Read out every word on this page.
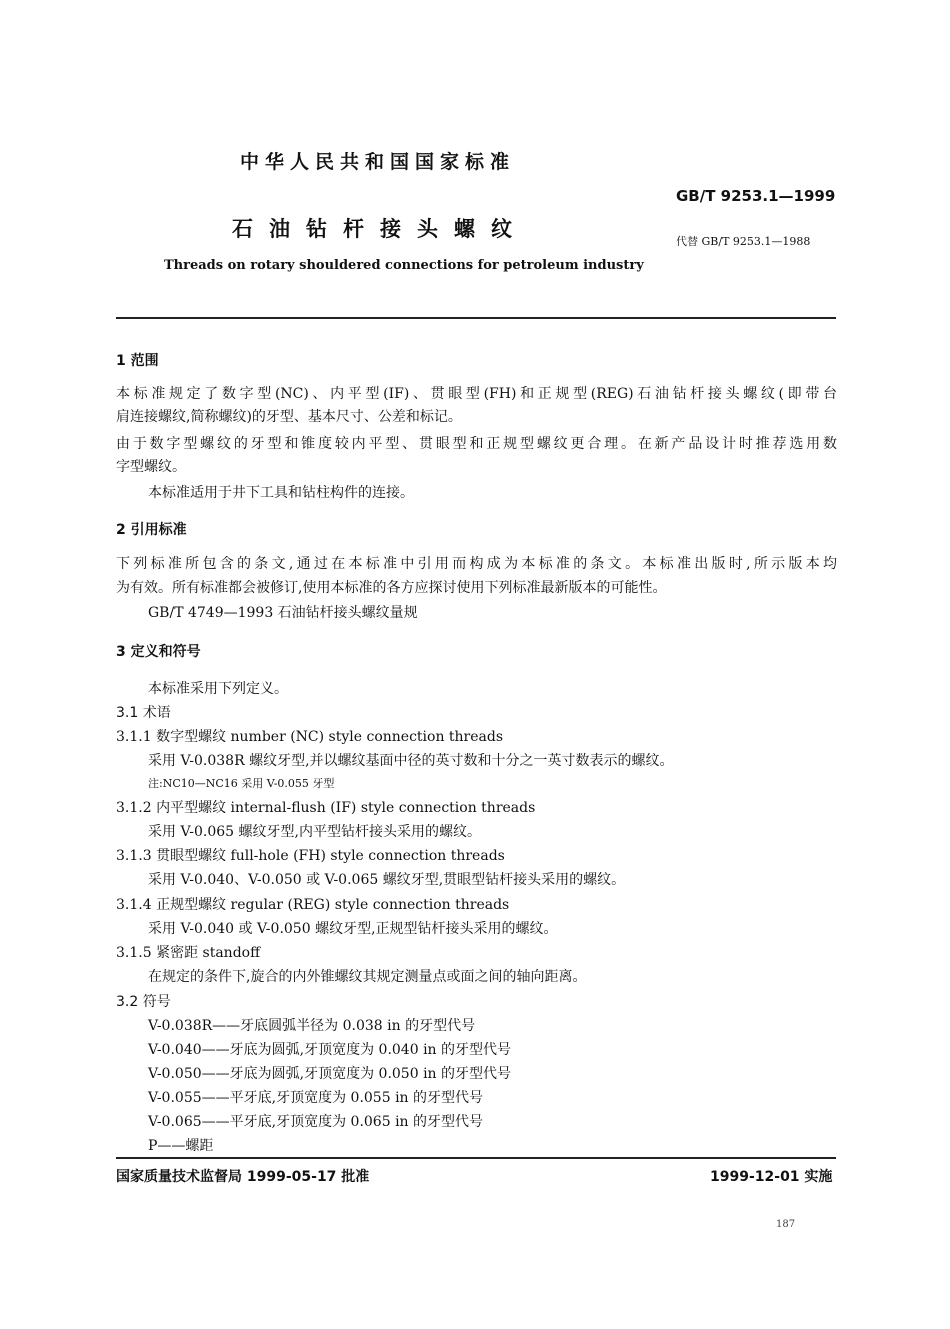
中华人民共和国国家标准
GB/T 9253.1—1999
石油钻杆接头螺纹
代替 GB/T 9253.1—1988
Threads on rotary shouldered connections for petroleum industry
1 范围
本标准规定了数字型(NC)、内平型(IF)、贯眼型(FH)和正规型(REG)石油钻杆接头螺纹(即带台
肩连接螺纹,简称螺纹)的牙型、基本尺寸、公差和标记。
由于数字型螺纹的牙型和锥度较内平型、贯眼型和正规型螺纹更合理。在新产品设计时推荐选用数
字型螺纹。
本标准适用于井下工具和钻柱构件的连接。
2 引用标准
下列标准所包含的条文,通过在本标准中引用而构成为本标准的条文。本标准出版时,所示版本均
为有效。所有标准都会被修订,使用本标准的各方应探讨使用下列标准最新版本的可能性。
GB/T 4749—1993 石油钻杆接头螺纹量规
3 定义和符号
本标准采用下列定义。
3.1 术语
3.1.1 数字型螺纹 number (NC) style connection threads
采用 V-0.038R 螺纹牙型,并以螺纹基面中径的英寸数和十分之一英寸数表示的螺纹。
注:NC10—NC16 采用 V-0.055 牙型
3.1.2 内平型螺纹 internal-flush (IF) style connection threads
采用 V-0.065 螺纹牙型,内平型钻杆接头采用的螺纹。
3.1.3 贯眼型螺纹 full-hole (FH) style connection threads
采用 V-0.040、V-0.050 或 V-0.065 螺纹牙型,贯眼型钻杆接头采用的螺纹。
3.1.4 正规型螺纹 regular (REG) style connection threads
采用 V-0.040 或 V-0.050 螺纹牙型,正规型钻杆接头采用的螺纹。
3.1.5 紧密距 standoff
在规定的条件下,旋合的内外锥螺纹其规定测量点或面之间的轴向距离。
3.2 符号
V-0.038R——牙底圆弧半径为 0.038 in 的牙型代号
V-0.040——牙底为圆弧,牙顶宽度为 0.040 in 的牙型代号
V-0.050——牙底为圆弧,牙顶宽度为 0.050 in 的牙型代号
V-0.055——平牙底,牙顶宽度为 0.055 in 的牙型代号
V-0.065——平牙底,牙顶宽度为 0.065 in 的牙型代号
P——螺距
国家质量技术监督局 1999-05-17 批准	1999-12-01 实施
187
